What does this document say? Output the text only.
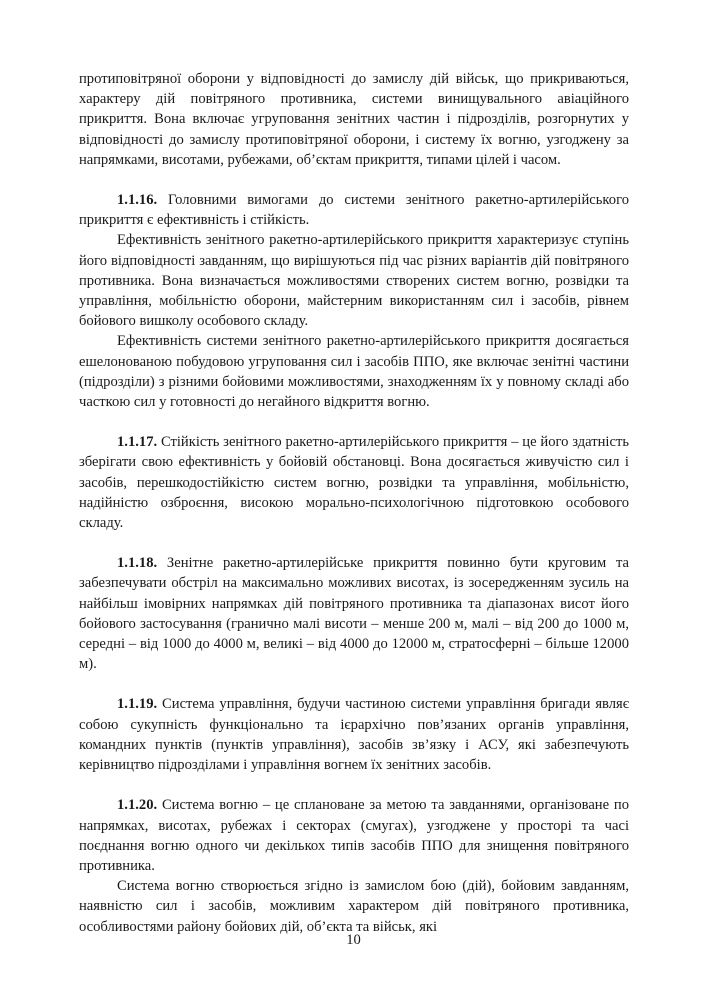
протиповітряної оборони у відповідності до замислу дій військ, що прикриваються, характеру дій повітряного противника, системи винищувального авіаційного прикриття. Вона включає угруповання зенітних частин і підрозділів, розгорнутих у відповідності до замислу протиповітряної оборони, і систему їх вогню, узгоджену за напрямками, висотами, рубежами, об’єктам прикриття, типами цілей і часом.

1.1.16. Головними вимогами до системи зенітного ракетно-артилерійського прикриття є ефективність і стійкість.

Ефективність зенітного ракетно-артилерійського прикриття характеризує ступінь його відповідності завданням, що вирішуються під час різних варіантів дій повітряного противника. Вона визначається можливостями створених систем вогню, розвідки та управління, мобільністю оборони, майстерним використанням сил і засобів, рівнем бойового вишколу особового складу.

Ефективність системи зенітного ракетно-артилерійського прикриття досягається ешелонованою побудовою угруповання сил і засобів ППО, яке включає зенітні частини (підрозділи) з різними бойовими можливостями, знаходженням їх у повному складі або часткою сил у готовності до негайного відкриття вогню.

1.1.17. Стійкість зенітного ракетно-артилерійського прикриття – це його здатність зберігати свою ефективність у бойовій обстановці. Вона досягається живучістю сил і засобів, перешкодостійкістю систем вогню, розвідки та управління, мобільністю, надійністю озброєння, високою морально-психологічною підготовкою особового складу.

1.1.18. Зенітне ракетно-артилерійське прикриття повинно бути круговим та забезпечувати обстріл на максимально можливих висотах, із зосередженням зусиль на найбільш імовірних напрямках дій повітряного противника та діапазонах висот його бойового застосування (гранично малі висоти – менше 200 м, малі – від 200 до 1000 м, середні – від 1000 до 4000 м, великі – від 4000 до 12000 м, стратосферні – більше 12000 м).

1.1.19. Система управління, будучи частиною системи управління бригади являє собою сукупність функціонально та ієрархічно пов’язаних органів управління, командних пунктів (пунктів управління), засобів зв’язку і АСУ, які забезпечують керівництво підрозділами і управління вогнем їх зенітних засобів.

1.1.20. Система вогню – це сплановане за метою та завданнями, організоване по напрямках, висотах, рубежах і секторах (смугах), узгоджене у просторі та часі поєднання вогню одного чи декількох типів засобів ППО для знищення повітряного противника.

Система вогню створюється згідно із замислом бою (дій), бойовим завданням, наявністю сил і засобів, можливим характером дій повітряного противника, особливостями району бойових дій, об’єкта та військ, які

10
